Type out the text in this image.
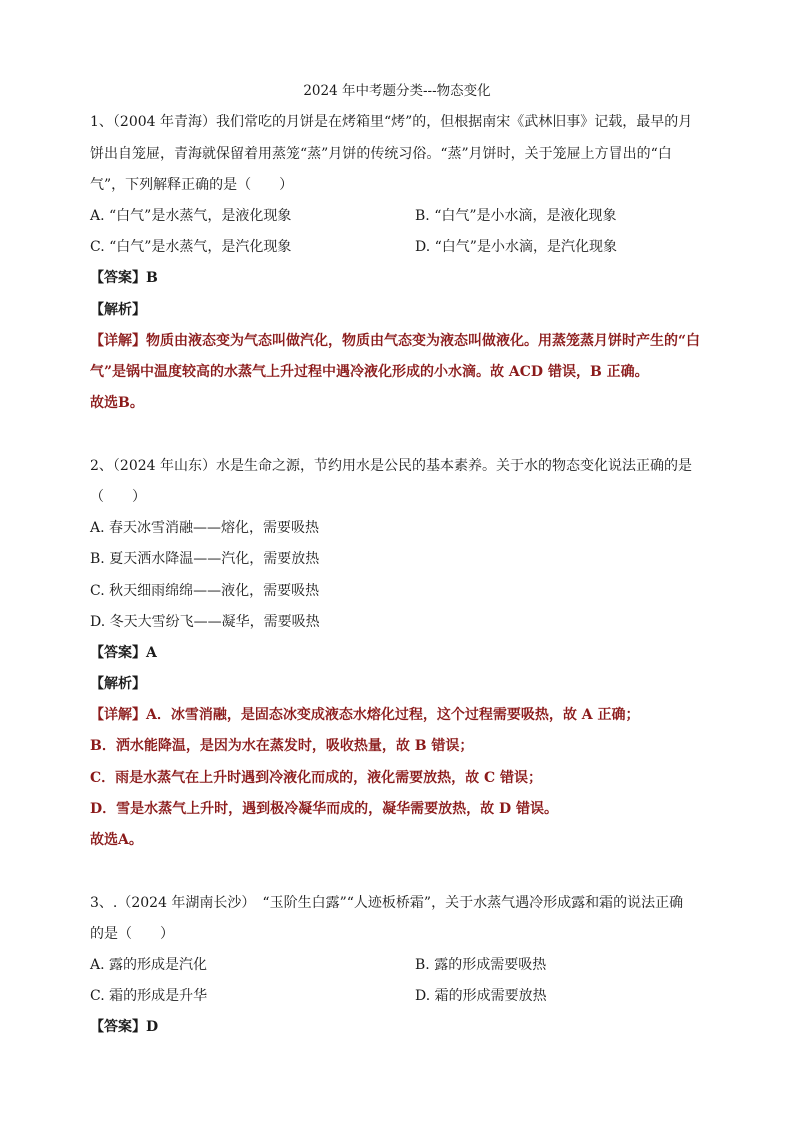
2024 年中考题分类---物态变化
1、（2004 年青海）我们常吃的月饼是在烤箱里“烤”的，但根据南宋《武林旧事》记载，最早的月
饼出自笼屉，青海就保留着用蒸笼“蒸”月饼的传统习俗。“蒸”月饼时，关于笼屉上方冒出的“白
气”，下列解释正确的是（　　）
A. “白气”是水蒸气，是液化现象	B. “白气”是小水滴，是液化现象
C. “白气”是水蒸气，是汽化现象	D. “白气”是小水滴，是汽化现象
【答案】B
【解析】
【详解】物质由液态变为气态叫做汽化，物质由气态变为液态叫做液化。用蒸笼蒸月饼时产生的“白
气”是锅中温度较高的水蒸气上升过程中遇冷液化形成的小水滴。故 ACD 错误，B 正确。
故选B。
2、（2024 年山东）水是生命之源，节约用水是公民的基本素养。关于水的物态变化说法正确的是
（　　）
A. 春天冰雪消融——熔化，需要吸热
B. 夏天洒水降温——汽化，需要放热
C. 秋天细雨绵绵——液化，需要吸热
D. 冬天大雪纷飞——凝华，需要吸热
【答案】A
【解析】
【详解】A．冰雪消融，是固态冰变成液态水熔化过程，这个过程需要吸热，故 A 正确；
B．洒水能降温，是因为水在蒸发时，吸收热量，故 B 错误；
C．雨是水蒸气在上升时遇到冷液化而成的，液化需要放热，故 C 错误；
D．雪是水蒸气上升时，遇到极冷凝华而成的，凝华需要放热，故 D 错误。
故选A。
3、.（2024 年湖南长沙）　“玉阶生白露”“人迹板桥霜”，关于水蒸气遇冷形成露和霜的说法正确
的是（　　）
A. 露的形成是汽化	B. 露的形成需要吸热
C. 霜的形成是升华	D. 霜的形成需要放热
【答案】D
